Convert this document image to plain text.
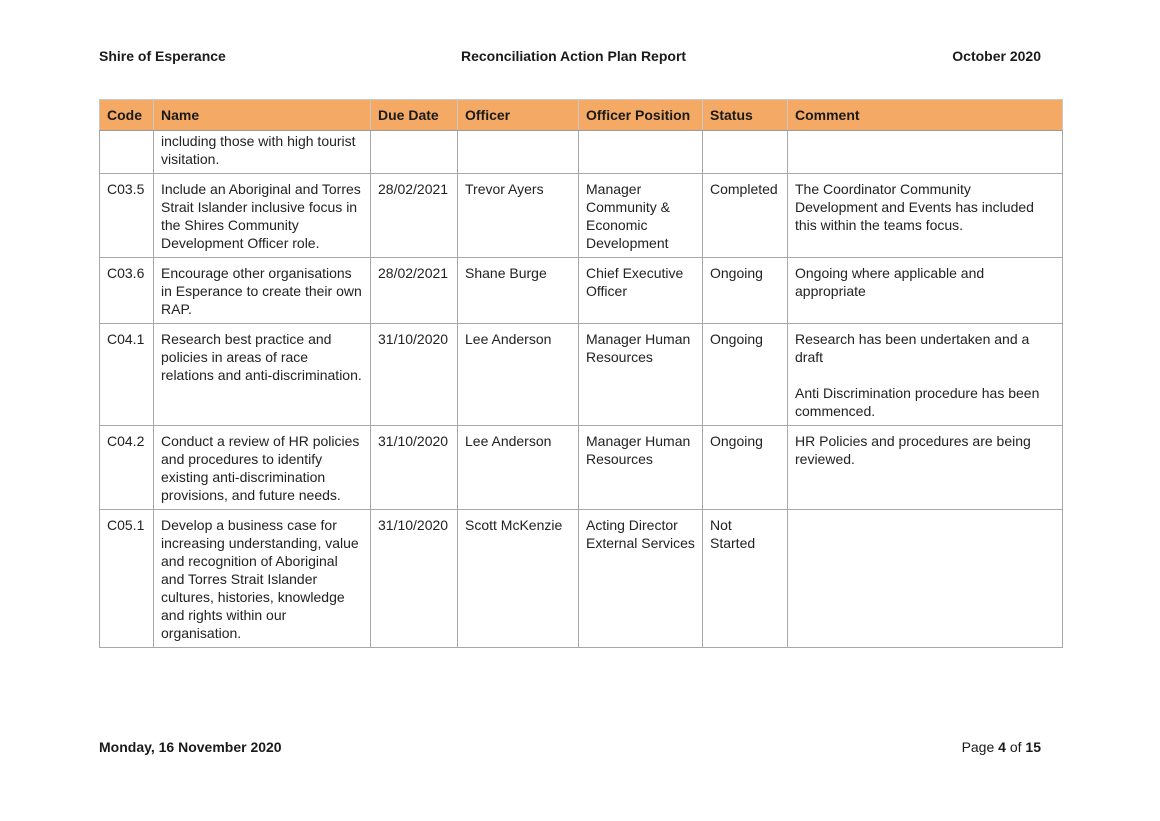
Shire of Esperance	Reconciliation Action Plan Report	October 2020
Code	Name	Due Date	Officer	Officer Position	Status	Comment
	including those with high tourist visitation.					
C03.5	Include an Aboriginal and Torres Strait Islander inclusive focus in the Shires Community Development Officer role.	28/02/2021	Trevor Ayers	Manager Community & Economic Development	Completed	The Coordinator Community Development and Events has included this within the teams focus.

C03.6	Encourage other organisations in Esperance to create their own RAP.	28/02/2021	Shane Burge	Chief Executive Officer	Ongoing	Ongoing where applicable and appropriate

C04.1	Research best practice and policies in areas of race relations and anti-discrimination.	31/10/2020	Lee Anderson	Manager Human Resources	Ongoing	Research has been undertaken and a draft
Anti Discrimination procedure has been commenced.

C04.2	Conduct a review of HR policies and procedures to identify existing anti-discrimination provisions, and future needs.	31/10/2020	Lee Anderson	Manager Human Resources	Ongoing	HR Policies and procedures are being reviewed.

C05.1	Develop a business case for increasing understanding, value and recognition of Aboriginal and Torres Strait Islander cultures, histories, knowledge and rights within our organisation.	31/10/2020	Scott McKenzie	Acting Director External Services	Not Started	
Monday, 16 November 2020	Page 4 of 15
